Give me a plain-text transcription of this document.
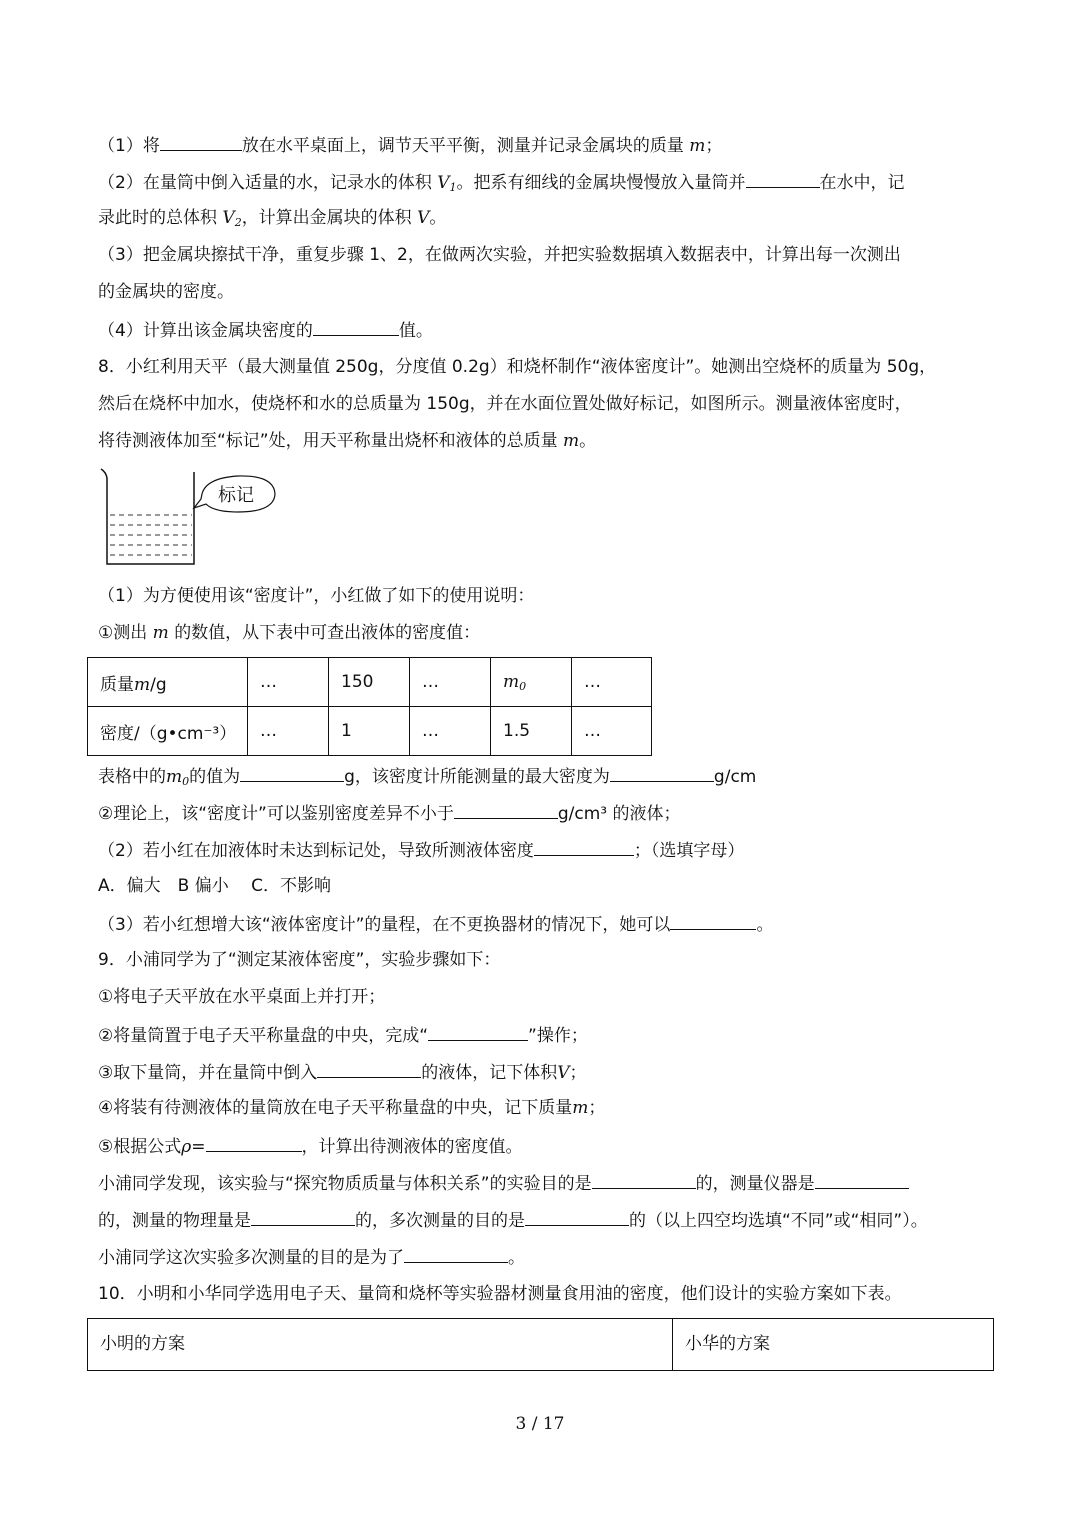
（1）将	放在水平桌面上，调节天平平衡，测量并记录金属块的质量 m；
（2）在量筒中倒入适量的水，记录水的体积 $V_1$。把系有细线的金属块慢慢放入量筒并	在水中，记
录此时的总体积 $V_2$，计算出金属块的体积 V。
（3）把金属块擦拭干净，重复步骤 1、2，在做两次实验，并把实验数据填入数据表中，计算出每一次测出
的金属块的密度。
（4）计算出该金属块密度的	值。
8．小红利用天平（最大测量值 250g，分度值 0.2g）和烧杯制作“液体密度计”。她测出空烧杯的质量为 50g，
然后在烧杯中加水，使烧杯和水的总质量为 150g，并在水面位置处做好标记，如图所示。测量液体密度时，
将待测液体加至“标记”处，用天平称量出烧杯和液体的总质量 m。
标记
（1）为方便使用该“密度计”，小红做了如下的使用说明：
①测出 m 的数值，从下表中可查出液体的密度值：
质量m/g	…	150	…	$m_0$	…
密度/（g•cm⁻³）	…	1	…	1.5	…
表格中的$m_0$的值为	g，该密度计所能测量的最大密度为	g/cm
②理论上，该“密度计”可以鉴别密度差异不小于	g/cm³ 的液体；
（2）若小红在加液体时未达到标记处，导致所测液体密度	；（选填字母）
A．偏大　B 偏小　 C．不影响
（3）若小红想增大该“液体密度计”的量程，在不更换器材的情况下，她可以	。
9．小浦同学为了“测定某液体密度”，实验步骤如下：
①将电子天平放在水平桌面上并打开；
②将量筒置于电子天平称量盘的中央，完成“	”操作；
③取下量筒，并在量筒中倒入	的液体，记下体积V；
④将装有待测液体的量筒放在电子天平称量盘的中央，记下质量m；
⑤根据公式ρ=	，计算出待测液体的密度值。
小浦同学发现，该实验与“探究物质质量与体积关系”的实验目的是	的，测量仪器是
的，测量的物理量是	的，多次测量的目的是	的（以上四空均选填“不同”或“相同”）。
小浦同学这次实验多次测量的目的是为了	。
10．小明和小华同学选用电子天、量筒和烧杯等实验器材测量食用油的密度，他们设计的实验方案如下表。
小明的方案	小华的方案
3 / 17
